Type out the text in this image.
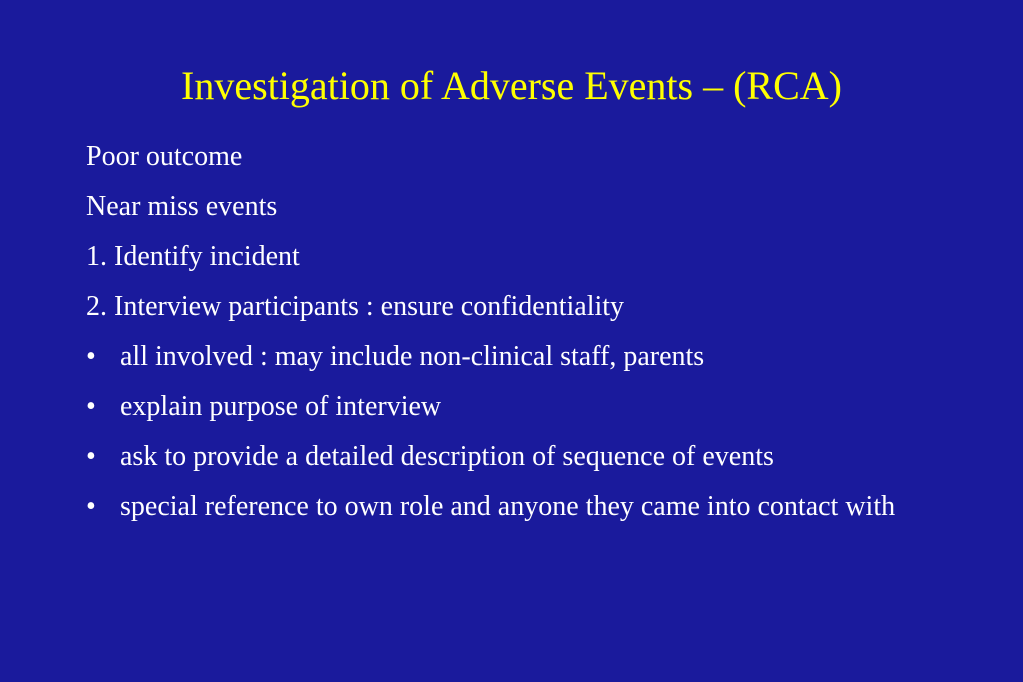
Investigation of Adverse Events – (RCA)
Poor outcome
Near miss events
1. Identify incident
2. Interview participants : ensure confidentiality
• all involved : may include non-clinical staff, parents
• explain purpose of interview
• ask to provide a detailed description of sequence of events
• special reference to own role and anyone they came into contact with
